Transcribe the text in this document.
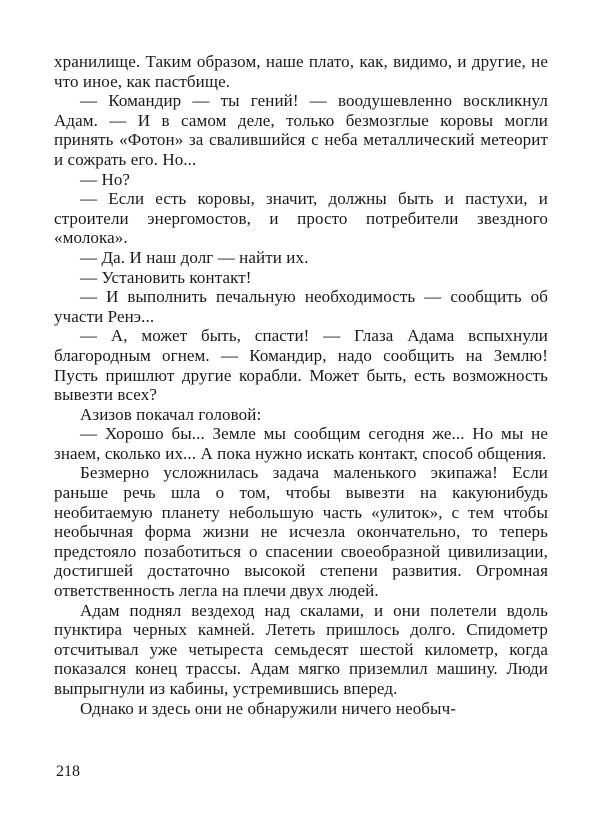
хранилище. Таким образом, наше плато, как, видимо, и другие, не что иное, как пастбище.

— Командир — ты гений! — воодушевленно воскликнул Адам. — И в самом деле, только безмозглые коровы могли принять «Фотон» за свалившийся с неба металлический метеорит и сожрать его. Но...

— Но?

— Если есть коровы, значит, должны быть и пастухи, и строители энергомостов, и просто потребители звездного «молока».

— Да. И наш долг — найти их.

— Установить контакт!

— И выполнить печальную необходимость — сообщить об участи Ренэ...

— А, может быть, спасти! — Глаза Адама вспыхнули благородным огнем. — Командир, надо сообщить на Землю! Пусть пришлют другие корабли. Может быть, есть возможность вывезти всех?

Азизов покачал головой:

— Хорошо бы... Земле мы сообщим сегодня же... Но мы не знаем, сколько их... А пока нужно искать контакт, способ общения.

Безмерно усложнилась задача маленького экипажа! Если раньше речь шла о том, чтобы вывезти на какуюнибудь необитаемую планету небольшую часть «улиток», с тем чтобы необычная форма жизни не исчезла окончательно, то теперь предстояло позаботиться о спасении своеобразной цивилизации, достигшей достаточно высокой степени развития. Огромная ответственность легла на плечи двух людей.

Адам поднял вездеход над скалами, и они полетели вдоль пунктира черных камней. Лететь пришлось долго. Спидометр отсчитывал уже четыреста семьдесят шестой километр, когда показался конец трассы. Адам мягко приземлил машину. Люди выпрыгнули из кабины, устремившись вперед.

Однако и здесь они не обнаружили ничего необыч-

218
